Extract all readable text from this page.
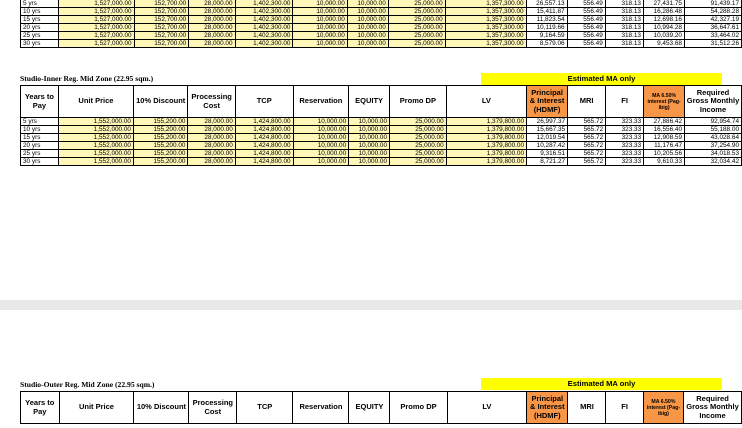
5 yrs	1,527,000.00	152,700.00	28,000.00	1,402,300.00	10,000.00	10,000.00	25,000.00	1,357,300.00	26,557.13	556.49	318.13	27,431.75	91,439.17
10 yrs	1,527,000.00	152,700.00	28,000.00	1,402,300.00	10,000.00	10,000.00	25,000.00	1,357,300.00	15,411.87	556.49	318.13	16,286.48	54,288.28
15 yrs	1,527,000.00	152,700.00	28,000.00	1,402,300.00	10,000.00	10,000.00	25,000.00	1,357,300.00	11,823.54	556.49	318.13	12,698.16	42,327.19
20 yrs	1,527,000.00	152,700.00	28,000.00	1,402,300.00	10,000.00	10,000.00	25,000.00	1,357,300.00	10,119.66	556.49	318.13	10,994.28	36,647.61
25 yrs	1,527,000.00	152,700.00	28,000.00	1,402,300.00	10,000.00	10,000.00	25,000.00	1,357,300.00	9,164.59	556.49	318.13	10,039.20	33,464.02
30 yrs	1,527,000.00	152,700.00	28,000.00	1,402,300.00	10,000.00	10,000.00	25,000.00	1,357,300.00	8,579.06	556.49	318.13	9,453.68	31,512.26
Studio-Inner Reg. Mid Zone (22.95 sqm.)	Estimated MA only
Years to Pay	Unit Price	10% Discount	Processing Cost	TCP	Reservation	EQUITY	Promo DP	LV	Principal & Interest (HDMF)	MRI	FI	MA 6.50% interest (Pag-ibig)	Required Gross Monthly Income
5 yrs	1,552,000.00	155,200.00	28,000.00	1,424,800.00	10,000.00	10,000.00	25,000.00	1,379,800.00	26,997.37	565.72	323.33	27,886.42	92,954.74
10 yrs	1,552,000.00	155,200.00	28,000.00	1,424,800.00	10,000.00	10,000.00	25,000.00	1,379,800.00	15,667.35	565.72	323.33	16,556.40	55,188.00
15 yrs	1,552,000.00	155,200.00	28,000.00	1,424,800.00	10,000.00	10,000.00	25,000.00	1,379,800.00	12,019.54	565.72	323.33	12,908.59	43,028.64
20 yrs	1,552,000.00	155,200.00	28,000.00	1,424,800.00	10,000.00	10,000.00	25,000.00	1,379,800.00	10,287.42	565.72	323.33	11,176.47	37,254.90
25 yrs	1,552,000.00	155,200.00	28,000.00	1,424,800.00	10,000.00	10,000.00	25,000.00	1,379,800.00	9,316.51	565.72	323.33	10,205.56	34,018.53
30 yrs	1,552,000.00	155,200.00	28,000.00	1,424,800.00	10,000.00	10,000.00	25,000.00	1,379,800.00	8,721.27	565.72	323.33	9,610.33	32,034.42
Studio-Outer Reg. Mid Zone (22.95 sqm.)	Estimated MA only
Years to Pay	Unit Price	10% Discount	Processing Cost	TCP	Reservation	EQUITY	Promo DP	LV	Principal & Interest (HDMF)	MRI	FI	MA 6.50% interest (Pag-ibig)	Required Gross Monthly Income
